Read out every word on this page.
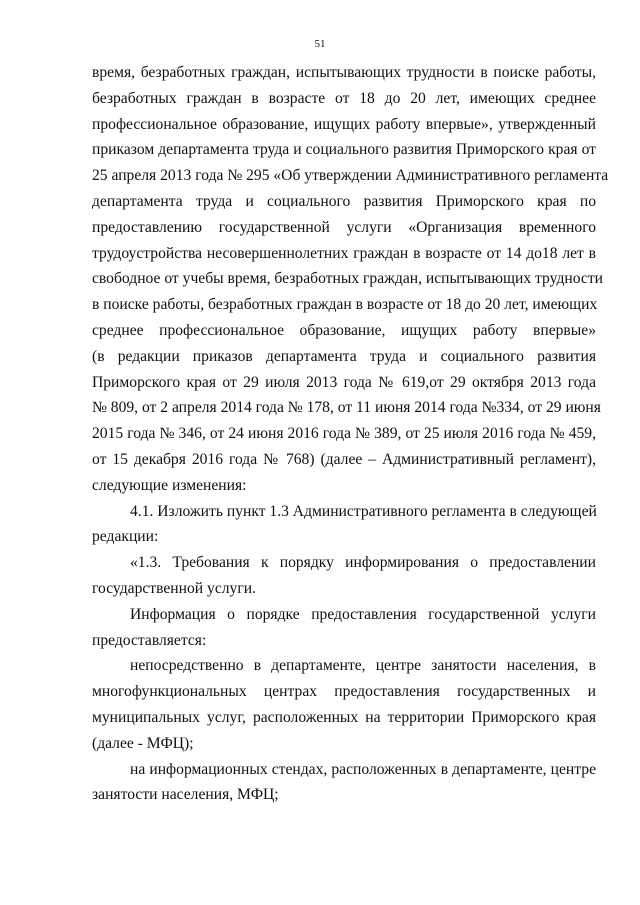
51
время, безработных граждан, испытывающих трудности в поиске работы,
безработных граждан в возрасте от 18 до 20 лет, имеющих среднее
профессиональное образование, ищущих работу впервые», утвержденный
приказом департамента труда и социального развития Приморского края от
25 апреля 2013 года № 295 «Об утверждении Административного регламента
департамента труда и социального развития Приморского края по
предоставлению государственной услуги «Организация временного
трудоустройства несовершеннолетних граждан в возрасте от 14 до18 лет в
свободное от учебы время, безработных граждан, испытывающих трудности
в поиске работы, безработных граждан в возрасте от 18 до 20 лет, имеющих
среднее профессиональное образование, ищущих работу впервые»
(в редакции приказов департамента труда и социального развития
Приморского края от 29 июля 2013 года № 619,от 29 октября 2013 года
№ 809, от 2 апреля 2014 года № 178, от 11 июня 2014 года №334, от 29 июня
2015 года № 346, от 24 июня 2016 года № 389, от 25 июля 2016 года № 459,
от 15 декабря 2016 года № 768) (далее – Административный регламент),
следующие изменения:
4.1. Изложить пункт 1.3 Административного регламента в следующей
редакции:
«1.3. Требования к порядку информирования о предоставлении
государственной услуги.
Информация о порядке предоставления государственной услуги
предоставляется:
непосредственно в департаменте, центре занятости населения, в
многофункциональных центрах предоставления государственных и
муниципальных услуг, расположенных на территории Приморского края
(далее - МФЦ);
на информационных стендах, расположенных в департаменте, центре
занятости населения, МФЦ;
